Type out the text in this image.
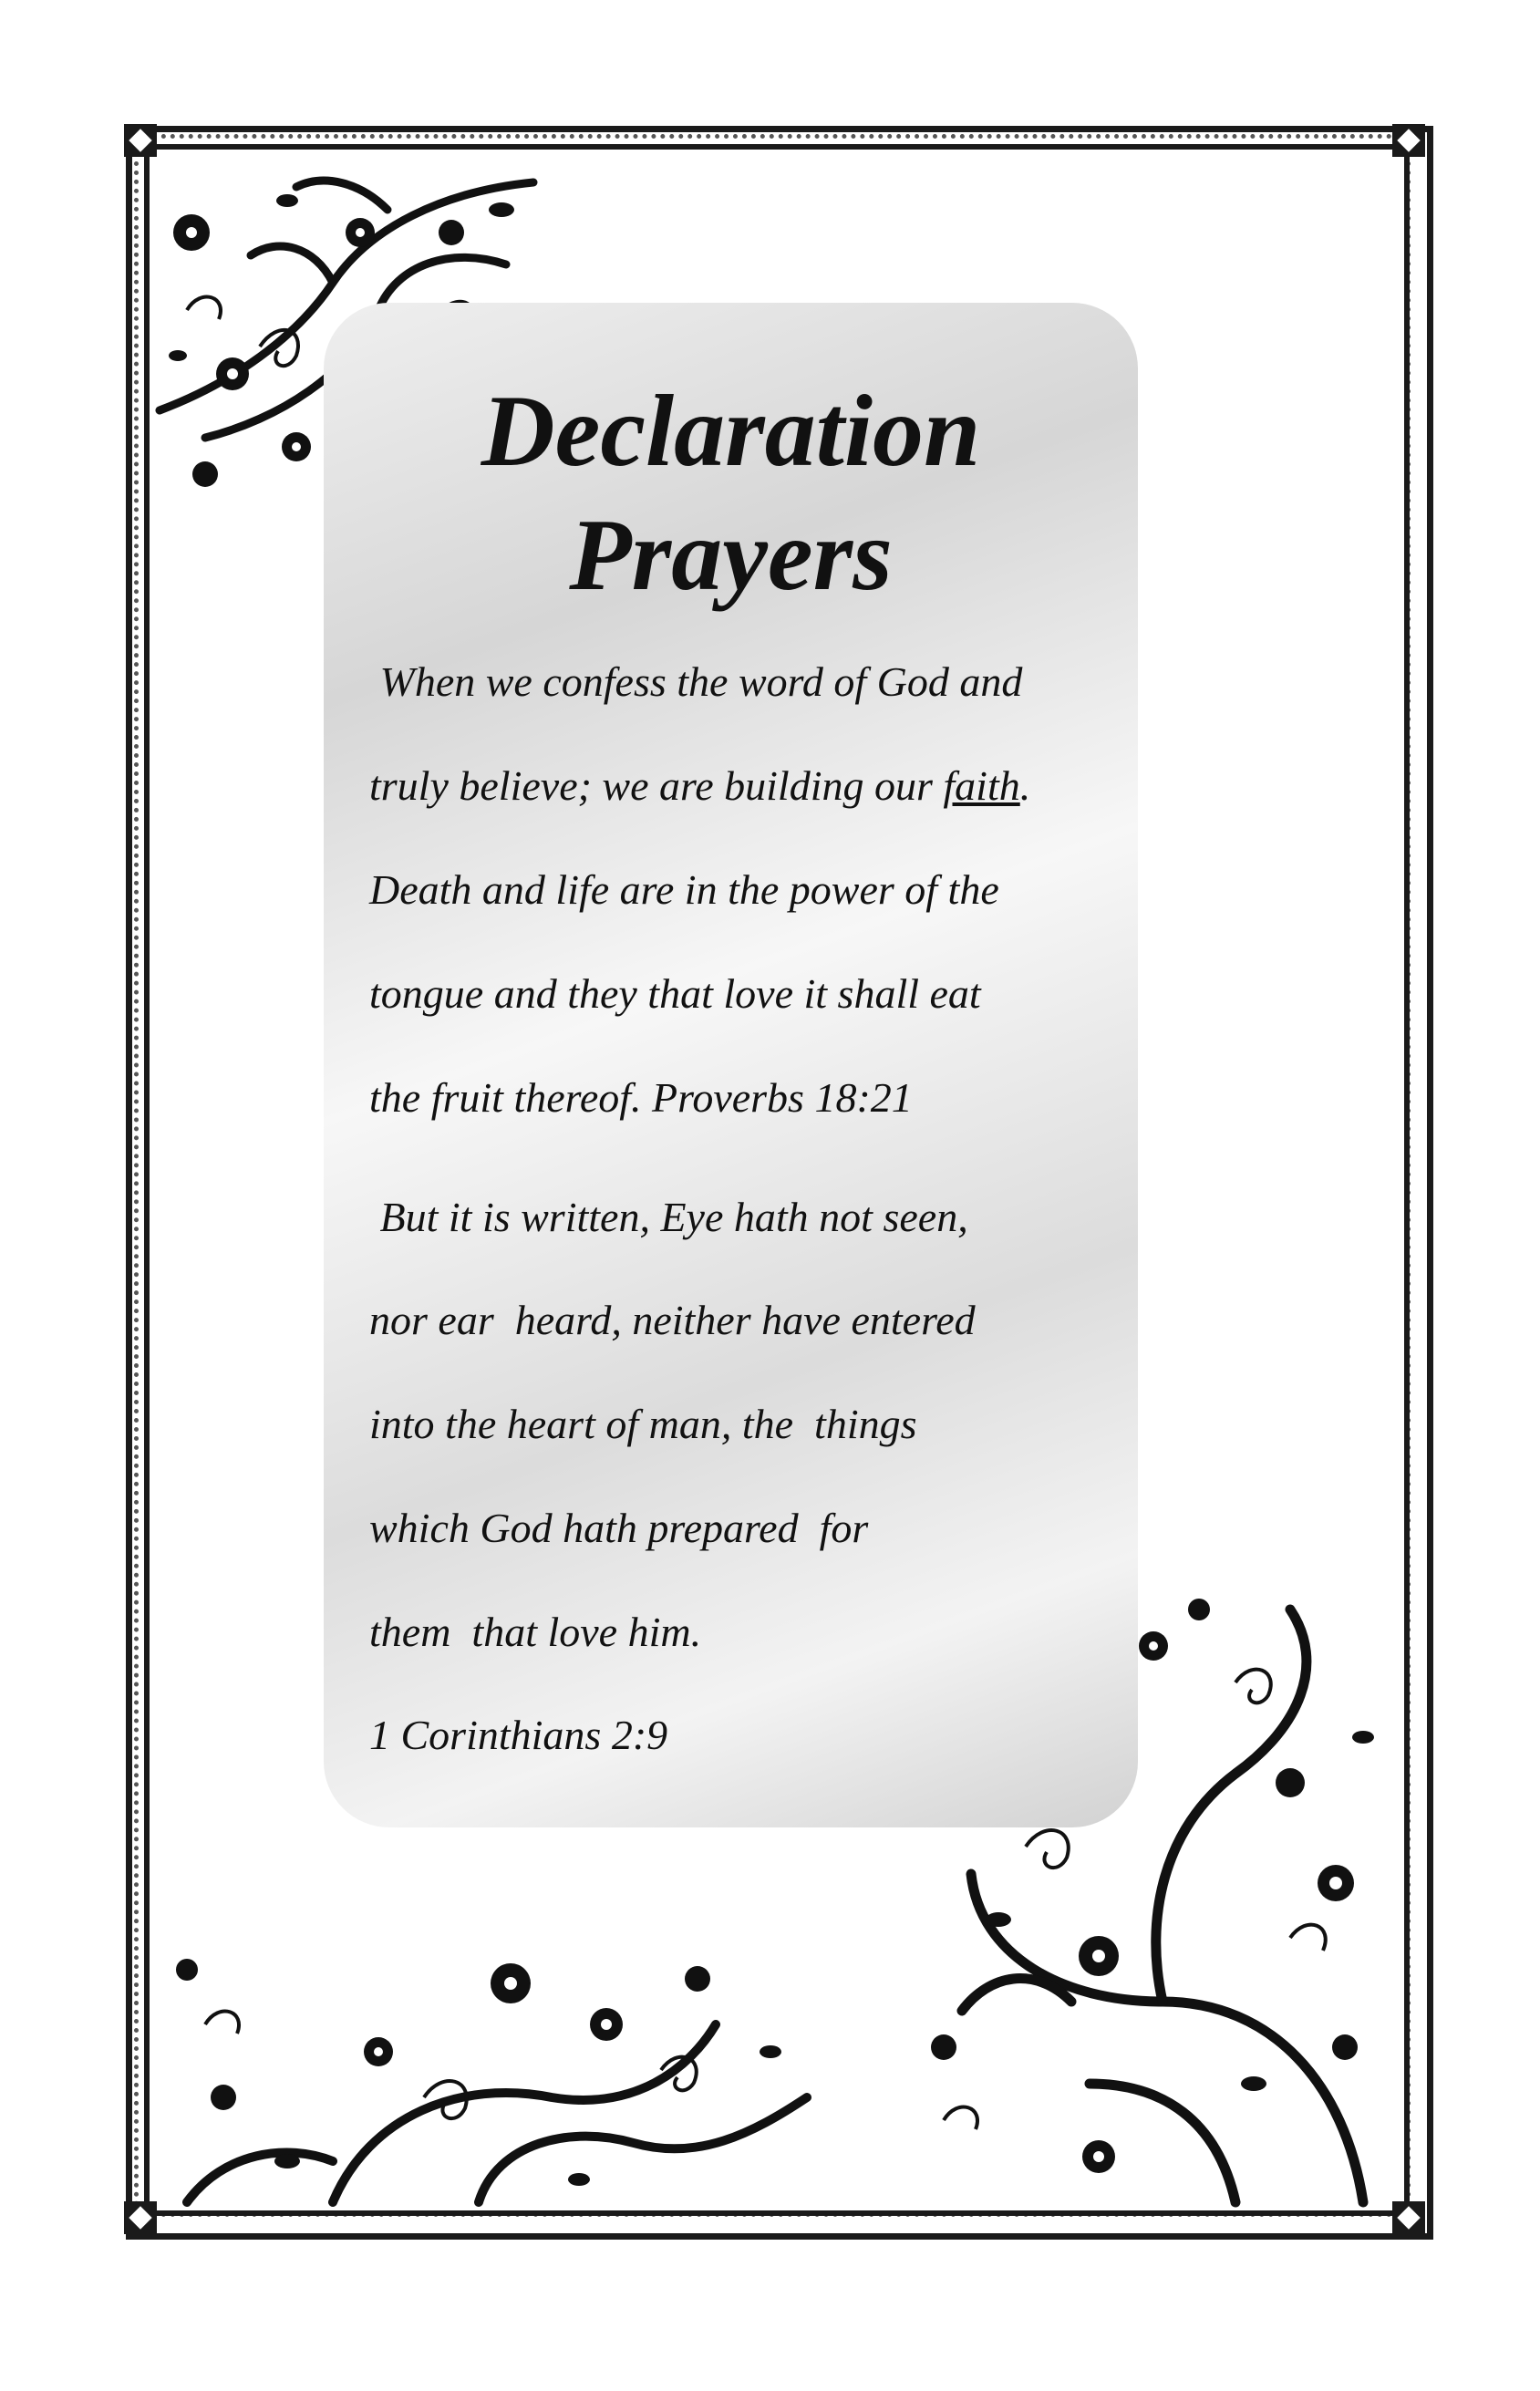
Declaration
Prayers
When we confess the word of God and
truly believe; we are building our faith.
Death and life are in the power of the
tongue and they that love it shall eat
the fruit thereof. Proverbs 18:21
But it is written, Eye hath not seen,
nor ear  heard, neither have entered
into the heart of man, the  things
which God hath prepared  for
them  that love him.
1 Corinthians 2:9
